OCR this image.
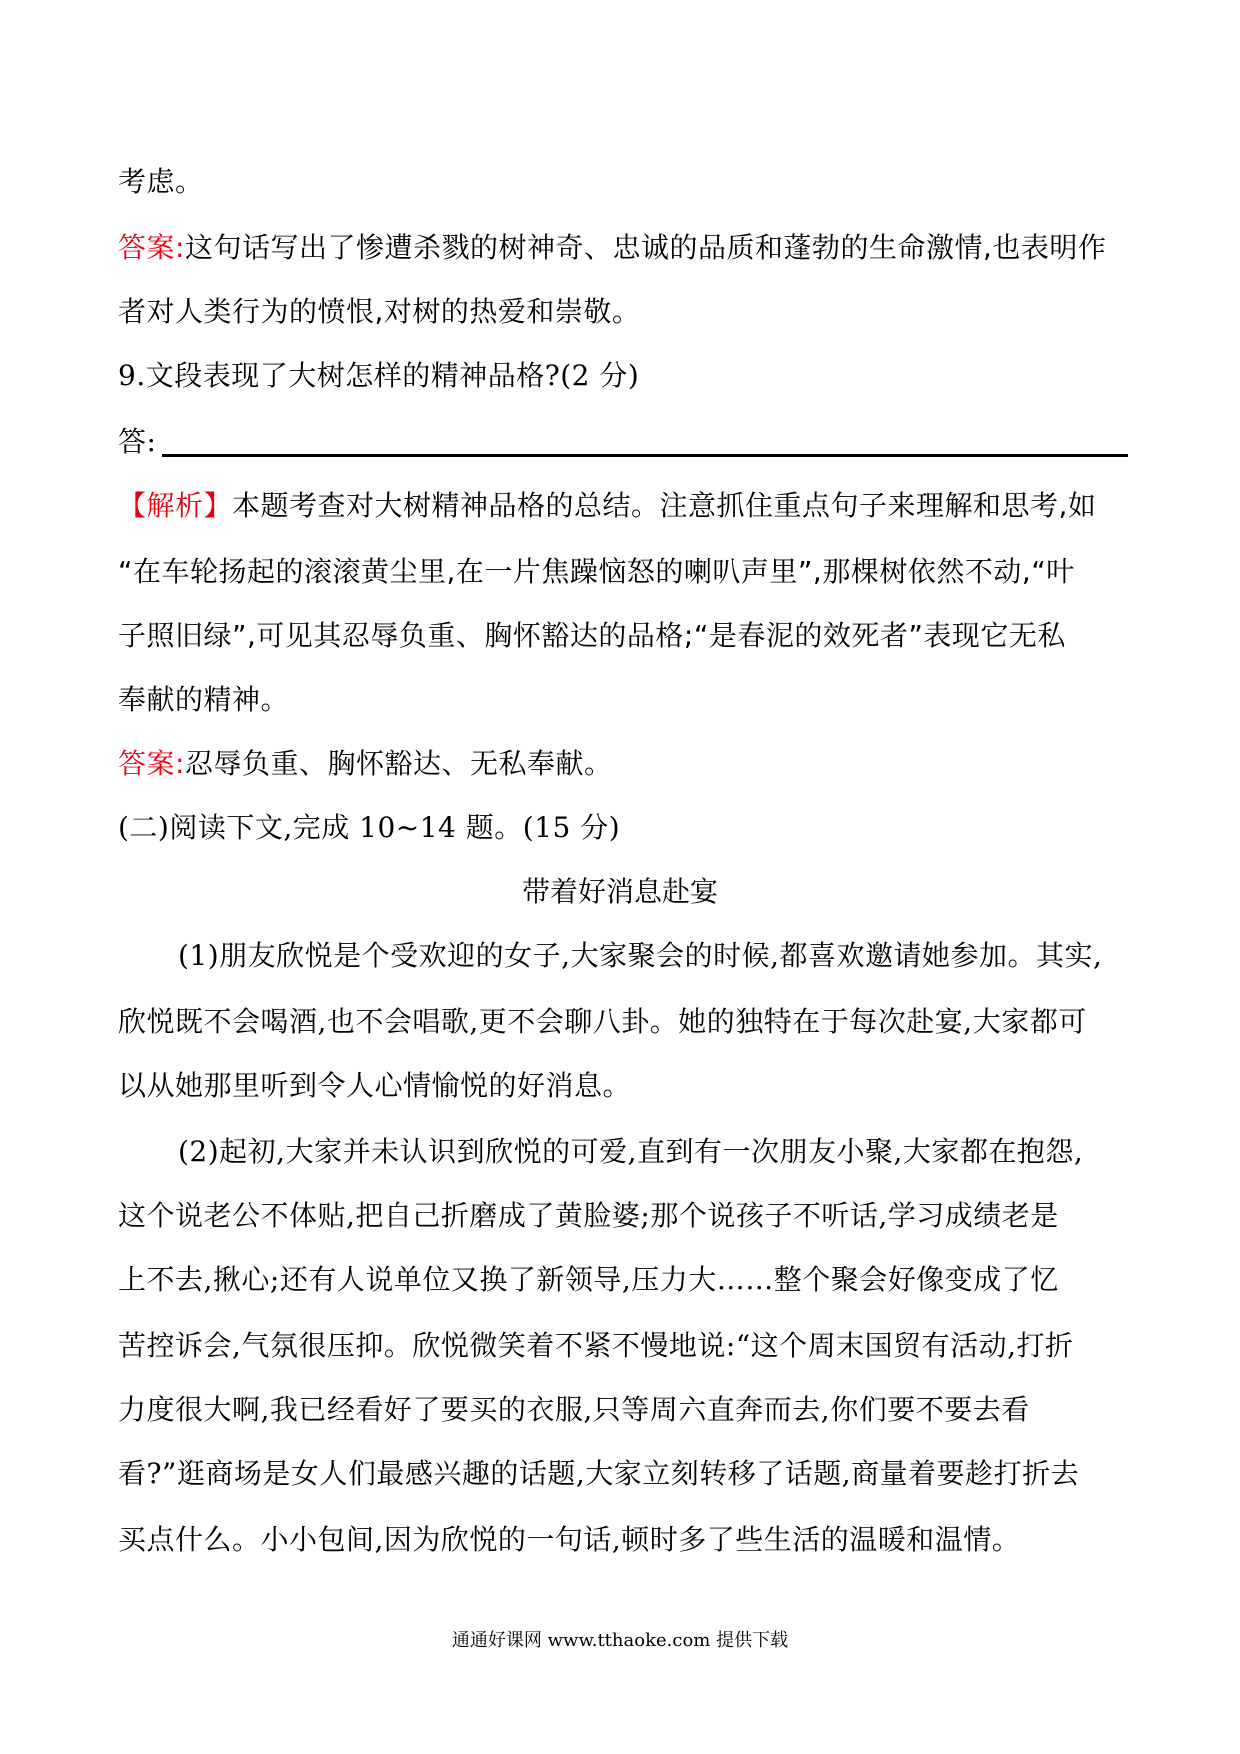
考虑。
答案:这句话写出了惨遭杀戮的树神奇、忠诚的品质和蓬勃的生命激情,也表明作
者对人类行为的愤恨,对树的热爱和崇敬。
9.文段表现了大树怎样的精神品格?(2 分)
答:
【解析】本题考查对大树精神品格的总结。注意抓住重点句子来理解和思考,如
“在车轮扬起的滚滚黄尘里,在一片焦躁恼怒的喇叭声里”,那棵树依然不动,“叶
子照旧绿”,可见其忍辱负重、胸怀豁达的品格;“是春泥的效死者”表现它无私
奉献的精神。
答案:忍辱负重、胸怀豁达、无私奉献。
(二)阅读下文,完成 10~14 题。(15 分)
带着好消息赴宴
(1)朋友欣悦是个受欢迎的女子,大家聚会的时候,都喜欢邀请她参加。其实,
欣悦既不会喝酒,也不会唱歌,更不会聊八卦。她的独特在于每次赴宴,大家都可
以从她那里听到令人心情愉悦的好消息。
(2)起初,大家并未认识到欣悦的可爱,直到有一次朋友小聚,大家都在抱怨,
这个说老公不体贴,把自己折磨成了黄脸婆;那个说孩子不听话,学习成绩老是
上不去,揪心;还有人说单位又换了新领导,压力大……整个聚会好像变成了忆
苦控诉会,气氛很压抑。欣悦微笑着不紧不慢地说:“这个周末国贸有活动,打折
力度很大啊,我已经看好了要买的衣服,只等周六直奔而去,你们要不要去看
看?”逛商场是女人们最感兴趣的话题,大家立刻转移了话题,商量着要趁打折去
买点什么。小小包间,因为欣悦的一句话,顿时多了些生活的温暖和温情。
通通好课网 www.tthaoke.com 提供下载
